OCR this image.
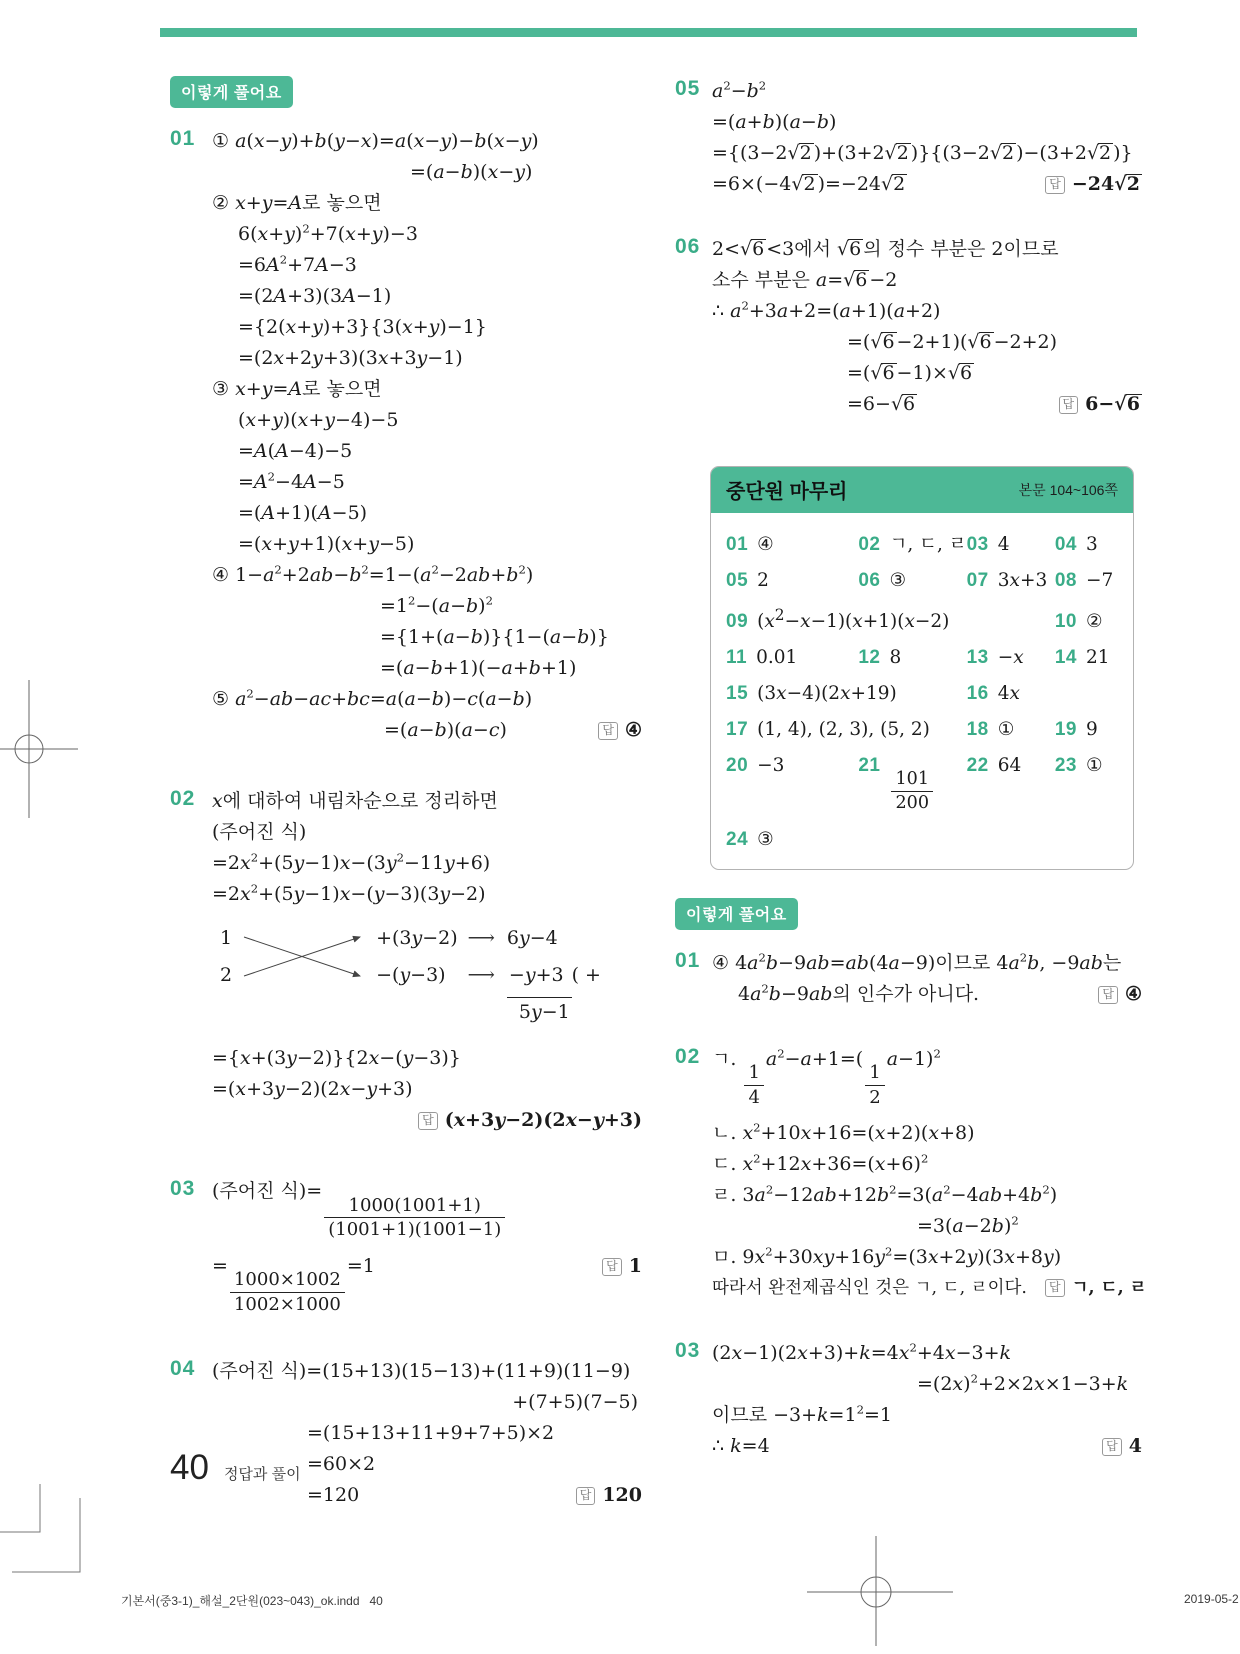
이렇게 풀어요
01 ① a(x−y)+b(y−x)=a(x−y)−b(x−y)
=(a−b)(x−y)
② x+y=A로 놓으면
$6(x+y)^2+7(x+y)-3$
$=6A^2+7A-3$
=(2A+3)(3A−1)
={2(x+y)+3}{3(x+y)−1}
=(2x+2y+3)(3x+3y−1)
③ x+y=A로 놓으면
(x+y)(x+y−4)−5
=A(A−4)−5
$=A^2-4A-5$
=(A+1)(A−5)
=(x+y+1)(x+y−5)
④ $1-a^2+2ab-b^2=1-(a^2-2ab+b^2)$
$=1^2-(a-b)^2$
={1+(a−b)}{1−(a−b)}
=(a−b+1)(−a+b+1)
⑤ $a^2-ab-ac+bc=a(a-b)-c(a-b)$
=(a−b)(a−c)	답 ④
02 x에 대하여 내림차순으로 정리하면
(주어진 식)
$=2x^2+(5y-1)x-(3y^2-11y+6)$
$=2x^2+(5y-1)x-(y-3)(3y-2)$
1
2
+(3y−2)
−(y−3)
⟶
⟶
6y−4
−y+3 ( +
5y−1
={x+(3y−2)}{2x−(y−3)}
=(x+3y−2)(2x−y+3)
답 (x+3y−2)(2x−y+3)
03 (주어진 식)=
$\frac{1000(1001+1)}{(1001+1)(1001-1)}$
=
$\frac{1000\times 1002}{1002\times 1000}$
=1	답 1
04 (주어진 식)=(15+13)(15−13)+(11+9)(11−9)
+(7+5)(7−5)
=(15+13+11+9+7+5)×2
=60×2
=120	답 120
05 $a^2-b^2$
=(a+b)(a−b)
={(3−2√2 )+(3+2√2 )}{(3−2√2 )−(3+2√2 )}
=6×(−4√2 )=−24√2	답 −24√2
06 2<√6 <3에서 √6 의 정수 부분은 2이므로
소수 부분은 a=√6 −2
∴ $a^2+3a+2=(a+1)(a+2)$
=(√6 −2+1)(√6 −2+2)
=(√6 −1)×√6
=6−√6	답 6−√6
중단원 마무리	본문 104~106쪽
01 ④	02 ㄱ, ㄷ, ㄹ 03 4 04 3
05 2	06 ③	07 3x+3 08 −7
09 $(x^2-x-1)(x+1)(x-2)$	10 ②
11 0.01	12 8	13 −x 14 21
15 (3x−4)(2x+19)	16 4x
17 (1, 4), (2, 3), (5, 2) 18 ① 19 9
20 −3	21
$\frac{101}{200}$
22 64 23 ①
24 ③
이렇게 풀어요
01 ④ $4a^2b-9ab=ab(4a-9)$이므로 $4a^2b$, −9ab는
$4a^2b-9ab$의 인수가 아니다.	답 ④
02 ㄱ.
$\frac{1}{4}$
$a^2-a+1=$(
$\frac{1}{2}$
a−1)$^2$
ㄴ. $x^2+10x+16=(x+2)(x+8)$
ㄷ. $x^2+12x+36=(x+6)^2$
ㄹ. $3a^2-12ab+12b^2=3(a^2-4ab+4b^2)$
$=3(a-2b)^2$
ㅁ. $9x^2+30xy+16y^2=(3x+2y)(3x+8y)$
따라서 완전제곱식인 것은 ㄱ, ㄷ, ㄹ이다.	답 ㄱ, ㄷ, ㄹ
03 $(2x-1)(2x+3)+k=4x^2+4x-3+k$
$=(2x)^2+2\times 2x\times 1-3+k$
이므로 $-3+k=1^2=1$
∴ k=4	답 4
40 정답과 풀이
기본서(중3-1)_해설_2단원(023~043)_ok.indd   40	2019-05-2
